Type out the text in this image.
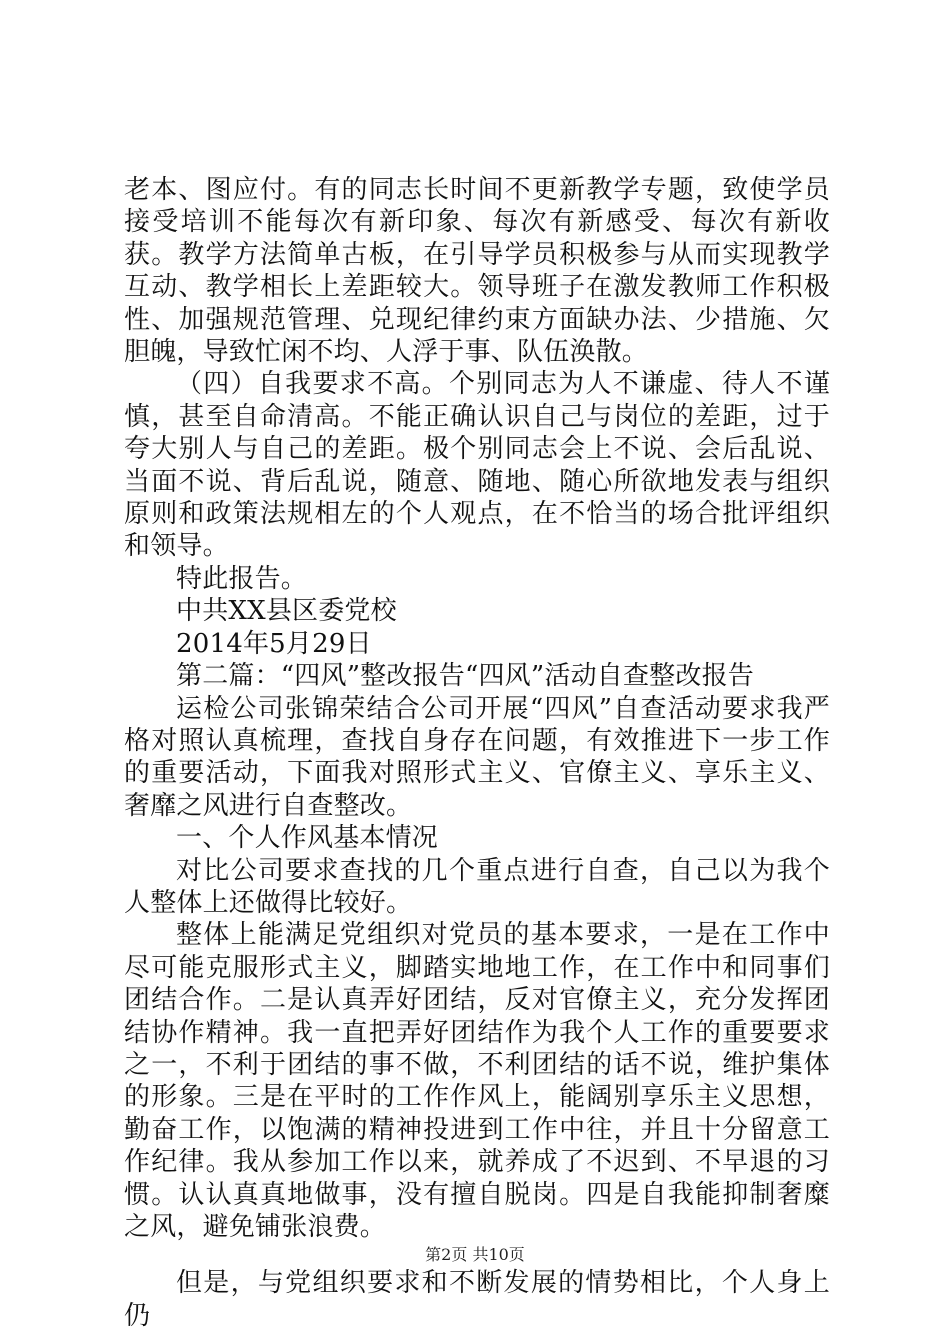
老本、图应付。有的同志长时间不更新教学专题，致使学员接受培训不能每次有新印象、每次有新感受、每次有新收获。教学方法简单古板，在引导学员积极参与从而实现教学互动、教学相长上差距较大。领导班子在激发教师工作积极性、加强规范管理、兑现纪律约束方面缺办法、少措施、欠胆魄，导致忙闲不均、人浮于事、队伍涣散。

（四）自我要求不高。个别同志为人不谦虚、待人不谨慎，甚至自命清高。不能正确认识自己与岗位的差距，过于夸大别人与自己的差距。极个别同志会上不说、会后乱说、当面不说、背后乱说，随意、随地、随心所欲地发表与组织原则和政策法规相左的个人观点，在不恰当的场合批评组织和领导。

特此报告。

中共XX县区委党校

2014年5月29日

第二篇：“四风”整改报告“四风”活动自查整改报告

运检公司张锦荣结合公司开展“四风”自查活动要求我严格对照认真梳理，查找自身存在问题，有效推进下一步工作的重要活动，下面我对照形式主义、官僚主义、享乐主义、奢靡之风进行自查整改。

一、个人作风基本情况

对比公司要求查找的几个重点进行自查，自己以为我个人整体上还做得比较好。

整体上能满足党组织对党员的基本要求，一是在工作中尽可能克服形式主义，脚踏实地地工作，在工作中和同事们团结合作。二是认真弄好团结，反对官僚主义，充分发挥团结协作精神。我一直把弄好团结作为我个人工作的重要要求之一，不利于团结的事不做，不利团结的话不说，维护集体的形象。三是在平时的工作作风上，能阔别享乐主义思想，勤奋工作，以饱满的精神投进到工作中往，并且十分留意工作纪律。我从参加工作以来，就养成了不迟到、不早退的习惯。认认真真地做事，没有擅自脱岗。四是自我能抑制奢糜之风，避免铺张浪费。

但是，与党组织要求和不断发展的情势相比，个人身上仍

第2页 共10页
